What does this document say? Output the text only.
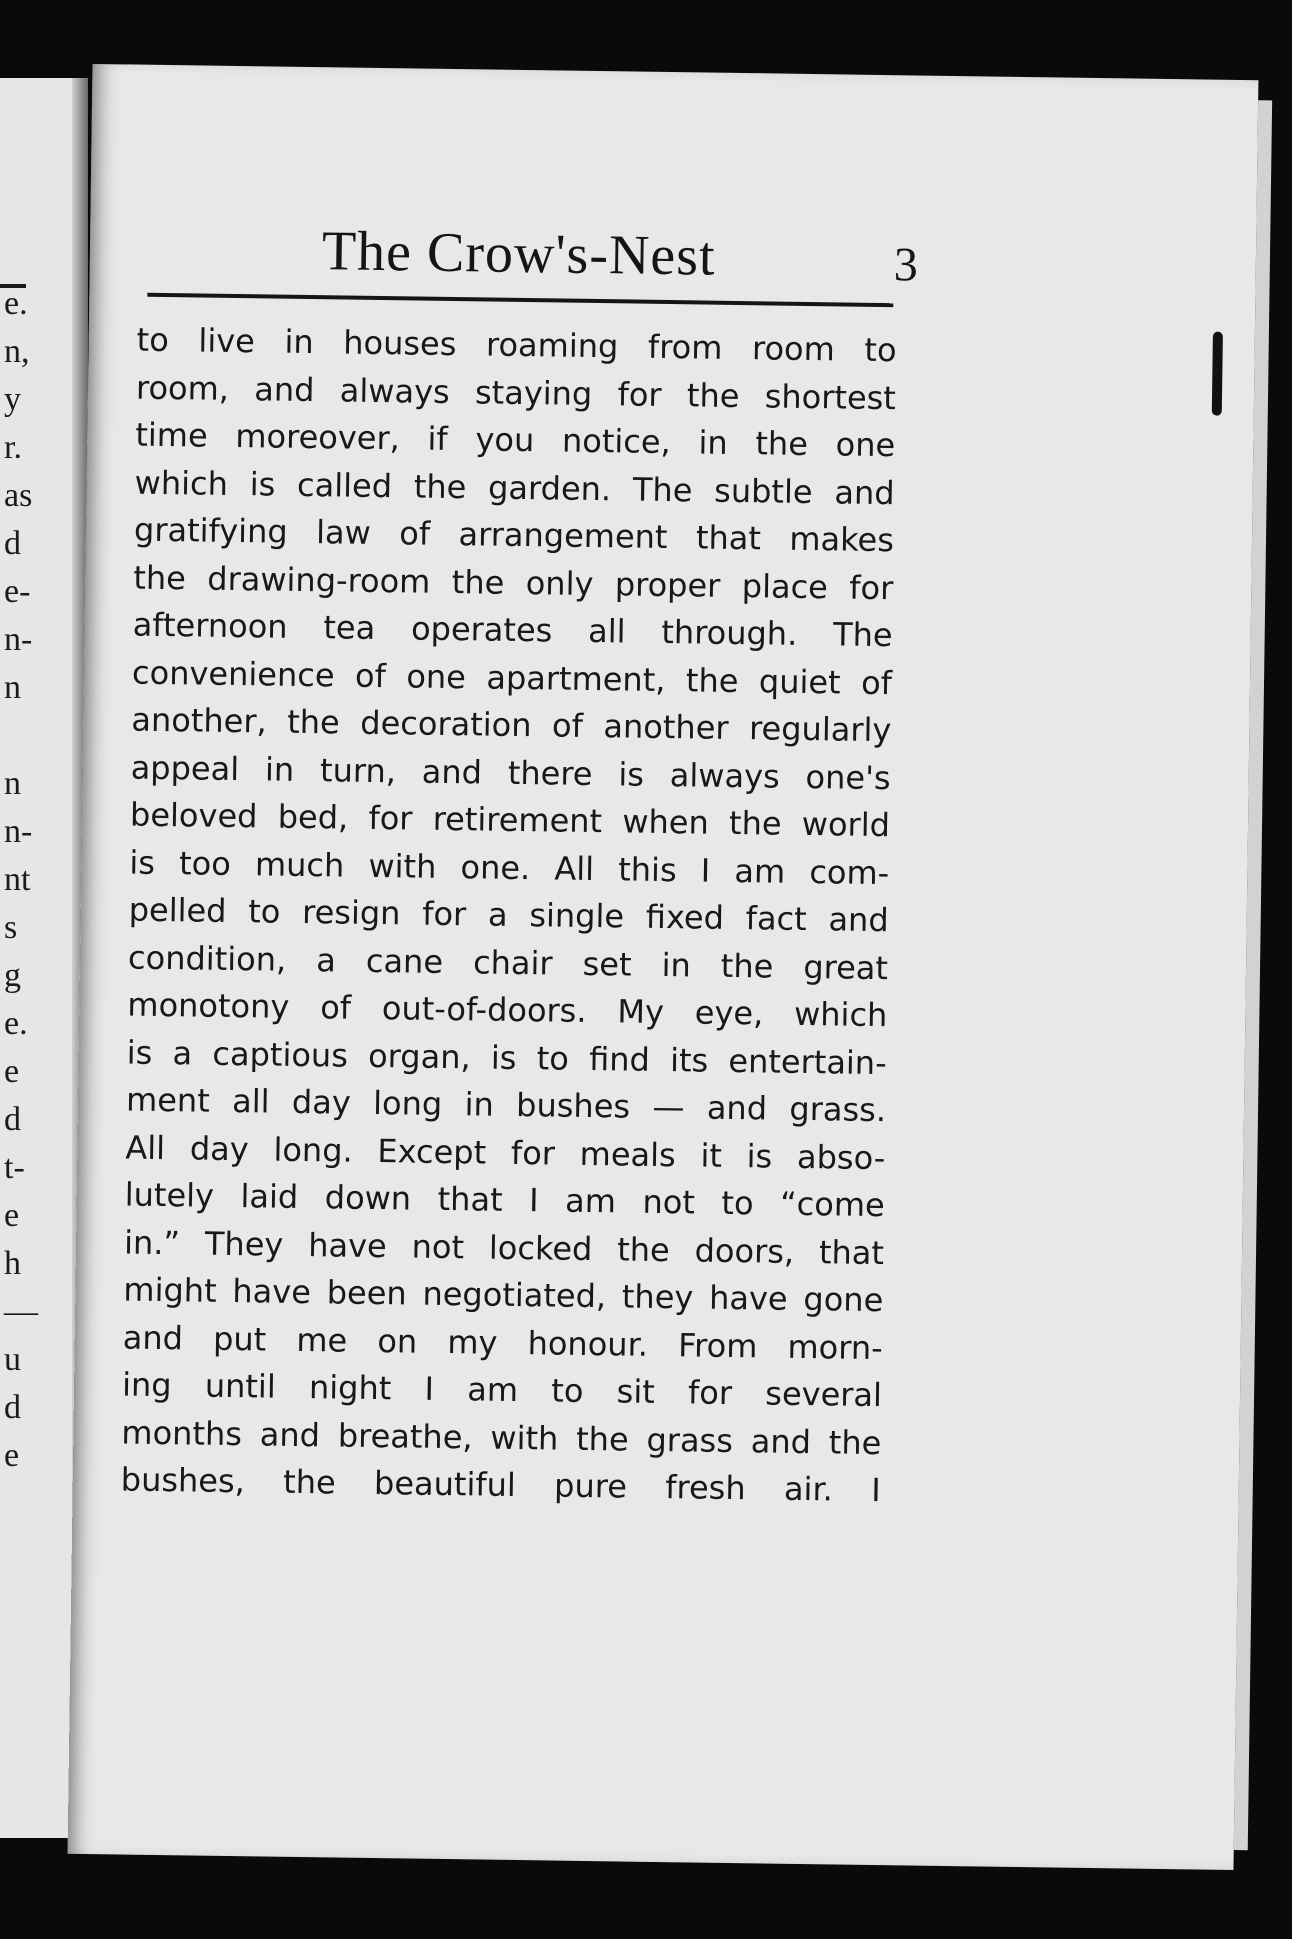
e.
n,
y
r.
as
d
e-
n-
n
n
n-
nt
s
g
e.
e
d
t-
e
h
—
u
d
e
The Crow's-Nest	3
to live in houses roaming from room to
room, and always staying for the shortest
time moreover, if you notice, in the one
which is called the garden. The subtle and
gratifying law of arrangement that makes
the drawing-room the only proper place for
afternoon tea operates all through. The
convenience of one apartment, the quiet of
another, the decoration of another regularly
appeal in turn, and there is always one's
beloved bed, for retirement when the world
is too much with one. All this I am com-
pelled to resign for a single fixed fact and
condition, a cane chair set in the great
monotony of out-of-doors. My eye, which
is a captious organ, is to find its entertain-
ment all day long in bushes — and grass.
All day long. Except for meals it is abso-
lutely laid down that I am not to “come
in.” They have not locked the doors, that
might have been negotiated, they have gone
and put me on my honour. From morn-
ing until night I am to sit for several
months and breathe, with the grass and the
bushes, the beautiful pure fresh air. I
